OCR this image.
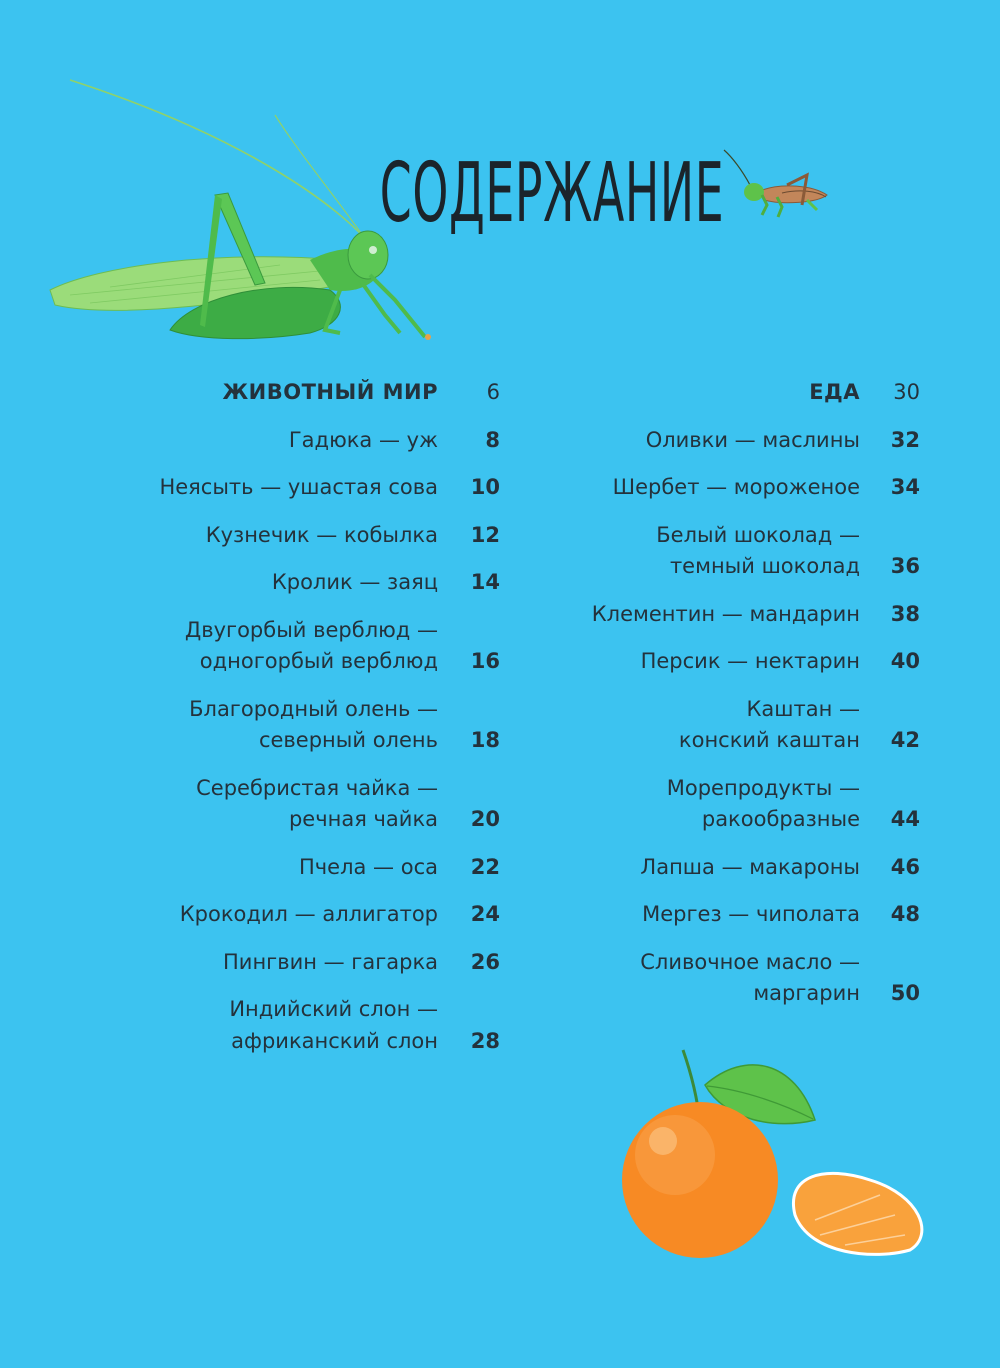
СОДЕРЖАНИЕ
ЖИВОТНЫЙ МИР	6
Гадюка — уж	8
Неясыть — ушастая сова	10
Кузнечик — кобылка	12
Кролик — заяц	14
Двугорбый верблюд —
одногорбый верблюд	16
Благородный олень —
северный олень	18
Серебристая чайка —
речная чайка	20
Пчела — оса	22
Крокодил — аллигатор	24
Пингвин — гагарка	26
Индийский слон —
африканский слон	28
ЕДА	30
Оливки — маслины	32
Шербет — мороженое	34
Белый шоколад —
темный шоколад	36
Клементин — мандарин	38
Персик — нектарин	40
Каштан —
конский каштан	42
Морепродукты —
ракообразные	44
Лапша — макароны	46
Мергез — чиполата	48
Сливочное масло —
маргарин	50
